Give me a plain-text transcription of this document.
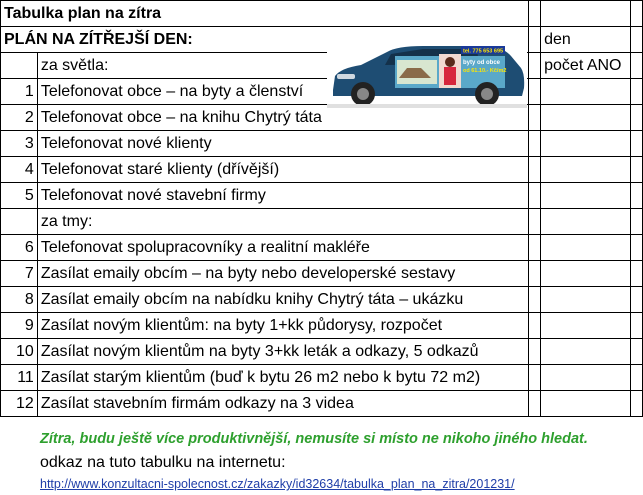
Tabulka plan na zítra				
PLÁN NA ZÍTŘEJŠÍ DEN:			den	
	za světla:		počet ANO	
1	Telefonovat obce – na byty a členství			
2	Telefonovat obce – na knihu Chytrý táta			
3	Telefonovat nové klienty			
4	Telefonovat staré klienty (dřívější)			
5	Telefonovat nové stavební firmy			
	za tmy:			
6	Telefonovat spolupracovníky a realitní makléře			
7	Zasílat emaily obcím – na byty nebo developerské sestavy			
8	Zasílat emaily obcím na nabídku knihy Chytrý táta – ukázku			
9	Zasílat novým klientům: na byty 1+kk půdorysy, rozpočet			
10	Zasílat novým klientům na byty 3+kk leták a odkazy, 5 odkazů			
11	Zasílat starým klientům (buď k bytu 26 m2 nebo k bytu 72 m2)			
12	Zasílat stavebním firmám odkazy na 3 videa			
tel. 775 653 695
byty od obce
od 61.10.- Kč/m2
Zítra, budu ještě více produktivnější, nemusíte si místo ne nikoho jiného hledat.
odkaz na tuto tabulku na internetu:
http://www.konzultacni-spolecnost.cz/zakazky/id32634/tabulka_plan_na_zitra/201231/
